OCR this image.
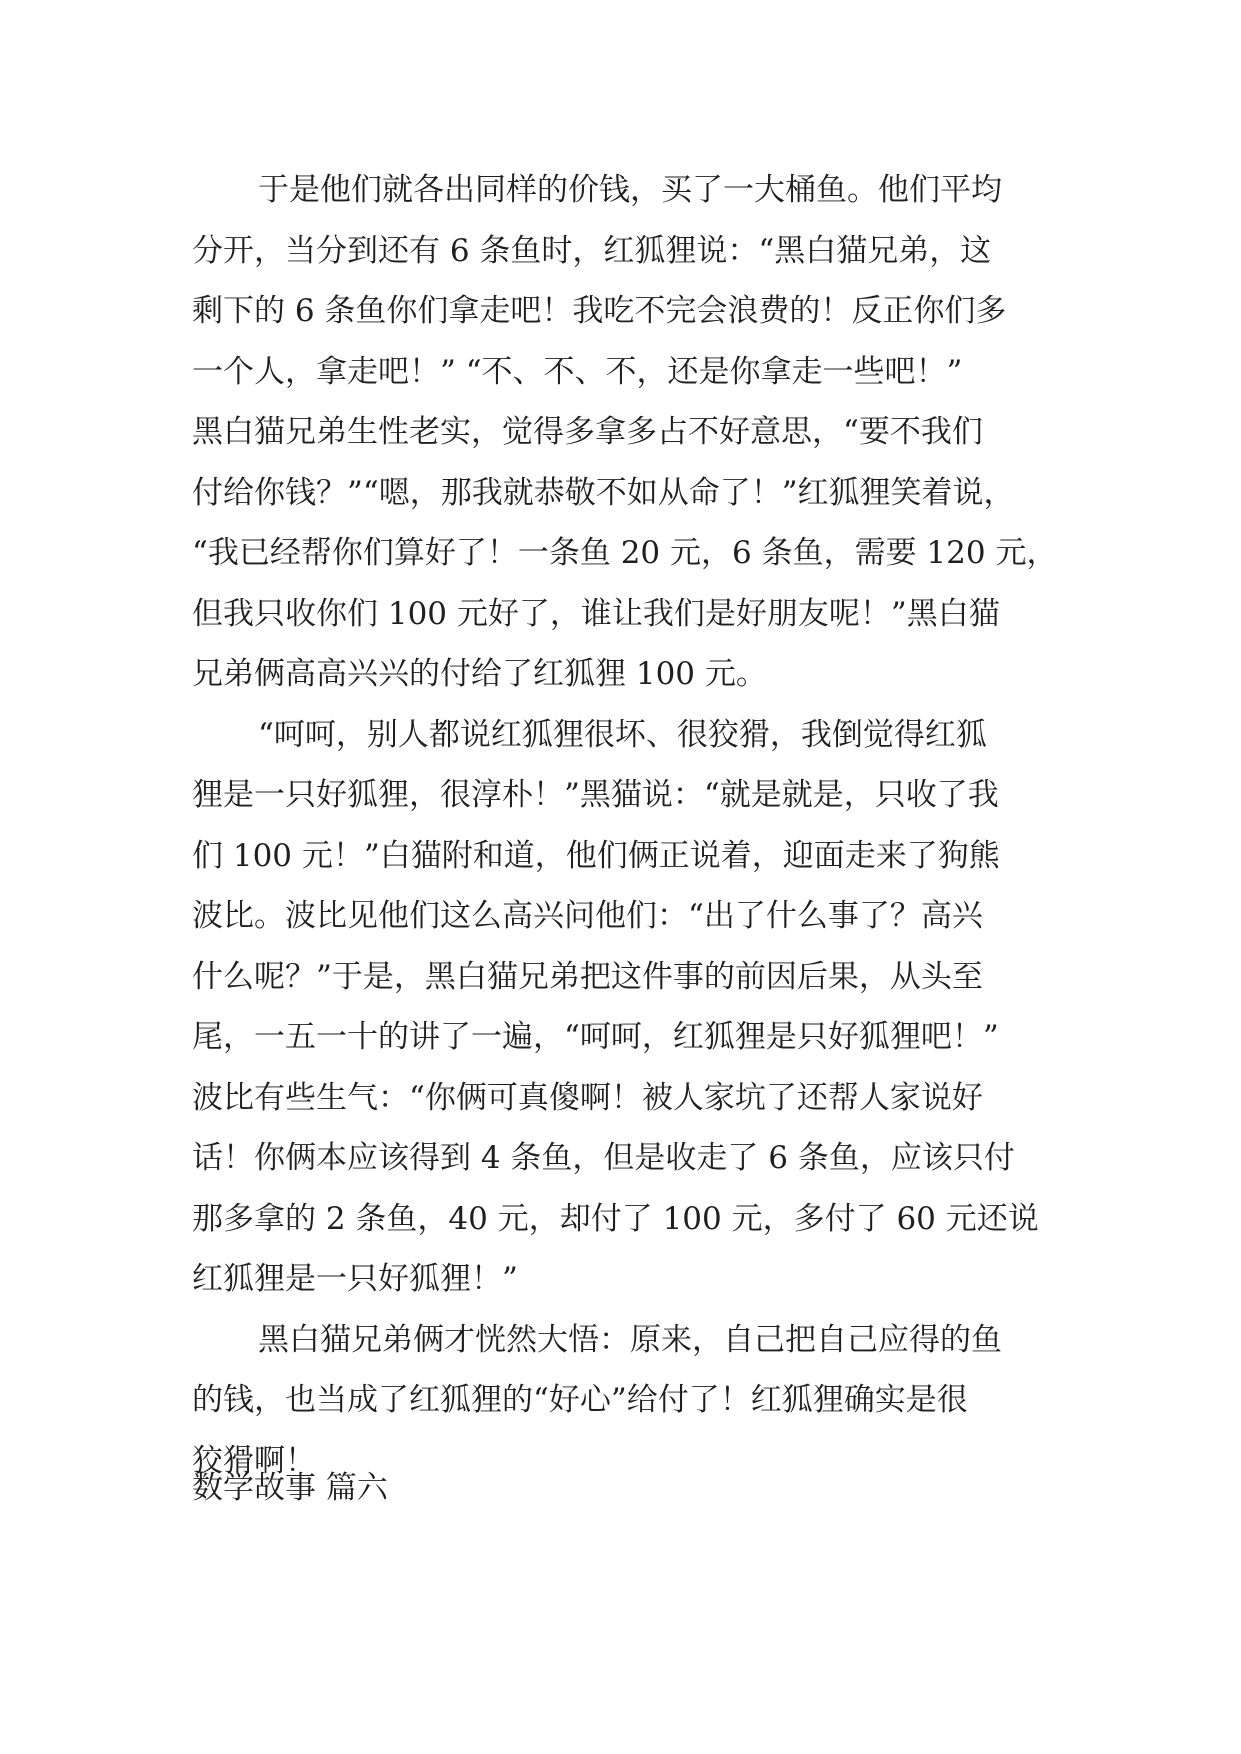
于是他们就各出同样的价钱，买了一大桶鱼。他们平均
分开，当分到还有 6 条鱼时，红狐狸说：“黑白猫兄弟，这
剩下的 6 条鱼你们拿走吧！我吃不完会浪费的！反正你们多
一个人，拿走吧！” “不、不、不，还是你拿走一些吧！”
黑白猫兄弟生性老实，觉得多拿多占不好意思，“要不我们
付给你钱？”“嗯，那我就恭敬不如从命了！”红狐狸笑着说，
“我已经帮你们算好了！一条鱼 20 元，6 条鱼，需要 120 元，
但我只收你们 100 元好了，谁让我们是好朋友呢！”黑白猫
兄弟俩高高兴兴的付给了红狐狸 100 元。
“呵呵，别人都说红狐狸很坏、很狡猾，我倒觉得红狐
狸是一只好狐狸，很淳朴！”黑猫说：“就是就是，只收了我
们 100 元！”白猫附和道，他们俩正说着，迎面走来了狗熊
波比。波比见他们这么高兴问他们：“出了什么事了？高兴
什么呢？”于是，黑白猫兄弟把这件事的前因后果，从头至
尾，一五一十的讲了一遍，“呵呵，红狐狸是只好狐狸吧！”
波比有些生气：“你俩可真傻啊！被人家坑了还帮人家说好
话！你俩本应该得到 4 条鱼，但是收走了 6 条鱼，应该只付
那多拿的 2 条鱼，40 元，却付了 100 元，多付了 60 元还说
红狐狸是一只好狐狸！”
黑白猫兄弟俩才恍然大悟：原来，自己把自己应得的鱼
的钱，也当成了红狐狸的“好心”给付了！红狐狸确实是很
狡猾啊！
数学故事 篇六
